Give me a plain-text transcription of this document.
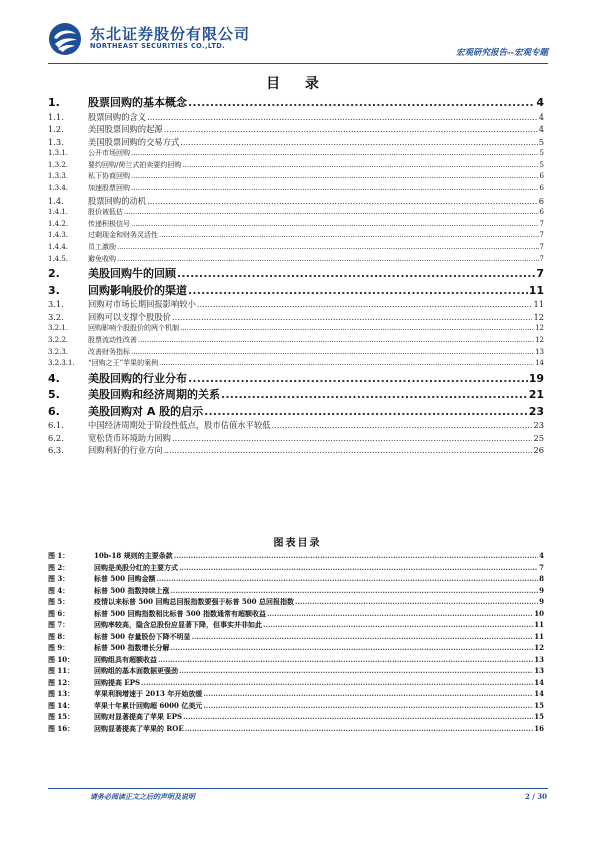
东北证券股份有限公司
NORTHEAST SECURITIES CO.,LTD.
宏观研究报告--宏观专题
目 录
1.	股票回购的基本概念 .....	4
1.1.	股票回购的含义 .....	4
1.2.	美国股票回购的起源 .....	4
1.3.	美国股票回购的交易方式 .....	5
1.3.1.	公开市场回购 .....	5
1.3.2.	要约回购/荷兰式拍卖要约回购 .....	5
1.3.3.	私下协商回购 .....	6
1.3.4.	加速股票回购 .....	6
1.4.	股票回购的动机 .....	6
1.4.1.	股价被低估 .....	6
1.4.2.	传递积极信号 .....	7
1.4.3.	过剩现金和财务灵活性 .....	7
1.4.4.	员工激励 .....	7
1.4.5.	避免收购 .....	7
2.	美股回购牛的回顾 .....	7
3.	回购影响股价的渠道 .....	11
3.1.	回购对市场长期回报影响较小 .....	11
3.2.	回购可以支撑个股股价 .....	12
3.2.1.	回购影响个股股价的两个机制 .....	12
3.2.2.	股票流动性改善 .....	12
3.2.3.	改善财务指标 .....	13
3.2.3.1.	“回购之王”苹果的案例 .....	14
4.	美股回购的行业分布 .....	19
5.	美股回购和经济周期的关系 .....	21
6.	美股回购对 A 股的启示 .....	23
6.1.	中国经济周期处于阶段性低点，股市估值水平较低 .....	23
6.2.	宽松货币环境助力回购 .....	25
6.3.	回购利好的行业方向 .....	26
图表目录
图 1：	10b-18 规则的主要条款 .....	4
图 2：	回购是美股分红的主要方式 .....	7
图 3：	标普 500 回购金额 .....	8
图 4：	标普 500 指数持续上涨 .....	9
图 5：	疫情以来标普 500 回购总回报指数要强于标普 500 总回报指数 .....	9
图 6：	标普 500 回购指数相比标普 500 指数通常有超额收益 .....	10
图 7：	回购率较高，隐含总股份应显著下降，但事实并非如此 .....	11
图 8：	标普 500 存量股份下降不明显 .....	11
图 9：	标普 500 指数增长分解 .....	12
图 10：	回购组具有超额收益 .....	13
图 11：	回购组的基本面数据更强劲 .....	13
图 12：	回购提高 EPS .....	14
图 13：	苹果利润增速于 2013 年开始放缓 .....	14
图 14：	苹果十年累计回购超 6000 亿美元 .....	15
图 15：	回购对显著提高了苹果 EPS .....	15
图 16：	回购显著提高了苹果的 ROE .....	16
请务必阅读正文之后的声明及说明	2 / 30
